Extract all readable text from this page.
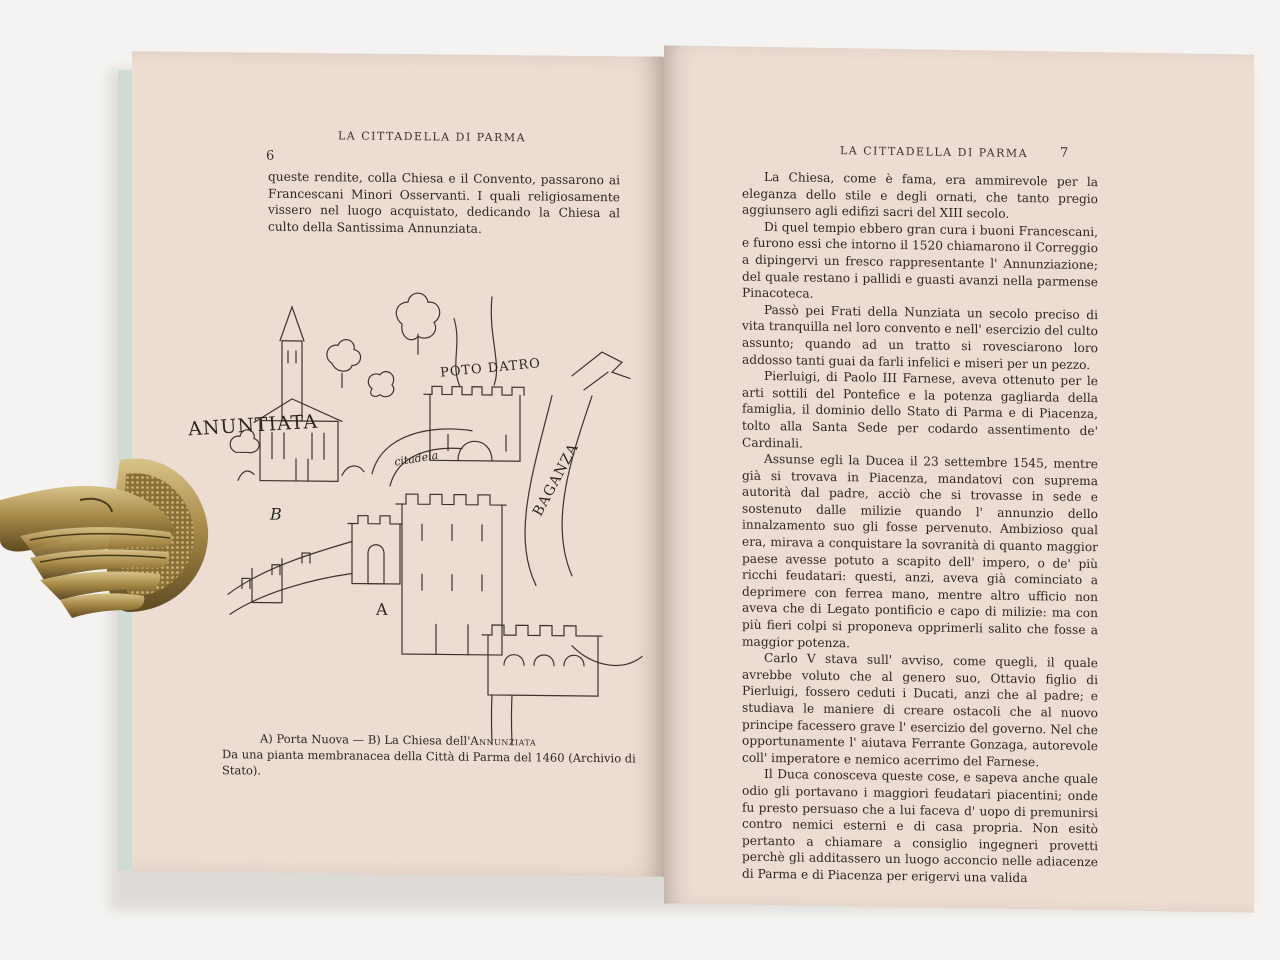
LA CITTADELLA DI PARMA
6

queste rendite, colla Chiesa e il Convento, passarono ai Francescani Minori Osservanti. I quali religiosamente vissero nel luogo acquistato, dedicando la Chiesa al culto della Santissima Annunziata.

ANUNTIATA
POTO DATRO
citadela	BAGANZA
A
B
A) Porta Nuova — B) La Chiesa dell'Annunziata
Da una pianta membranacea della Città di Parma del 1460 (Archivio di Stato).
LA CITTADELLA DI PARMA 7

La Chiesa, come è fama, era ammirevole per la eleganza dello stile e degli ornati, che tanto pregio aggiunsero agli edifizi sacri del XIII secolo.

Di quel tempio ebbero gran cura i buoni Francescani, e furono essi che intorno il 1520 chiamarono il Correggio a dipingervi un fresco rappresentante l' Annunziazione; del quale restano i pallidi e guasti avanzi nella parmense Pinacoteca.

Passò pei Frati della Nunziata un secolo preciso di vita tranquilla nel loro convento e nell' esercizio del culto assunto; quando ad un tratto si rovesciarono loro addosso tanti guai da farli infelici e miseri per un pezzo.

Pierluigi, di Paolo III Farnese, aveva ottenuto per le arti sottili del Pontefice e la potenza gagliarda della famiglia, il dominio dello Stato di Parma e di Piacenza, tolto alla Santa Sede per codardo assentimento de' Cardinali.

Assunse egli la Ducea il 23 settembre 1545, mentre già si trovava in Piacenza, mandatovi con suprema autorità dal padre, acciò che si trovasse in sede e sostenuto dalle milizie quando l' annunzio dello innalzamento suo gli fosse pervenuto. Ambizioso qual era, mirava a conquistare la sovranità di quanto maggior paese avesse potuto a scapito dell' impero, o de' più ricchi feudatari: questi, anzi, aveva già cominciato a deprimere con ferrea mano, mentre altro ufficio non aveva che di Legato pontificio e capo di milizie: ma con più fieri colpi si proponeva opprimerli salito che fosse a maggior potenza.

Carlo V stava sull' avviso, come quegli, il quale avrebbe voluto che al genero suo, Ottavio figlio di Pierluigi, fossero ceduti i Ducati, anzi che al padre; e studiava le maniere di creare ostacoli che al nuovo principe facessero grave l' esercizio del governo. Nel che opportunamente l' aiutava Ferrante Gonzaga, autorevole coll' imperatore e nemico acerrimo del Farnese.

Il Duca conosceva queste cose, e sapeva anche quale odio gli portavano i maggiori feudatari piacentini; onde fu presto persuaso che a lui faceva d' uopo di premunirsi contro nemici esterni e di casa propria. Non esitò pertanto a chiamare a consiglio ingegneri provetti perchè gli additassero un luogo acconcio nelle adiacenze di Parma e di Piacenza per erigervi una valida
